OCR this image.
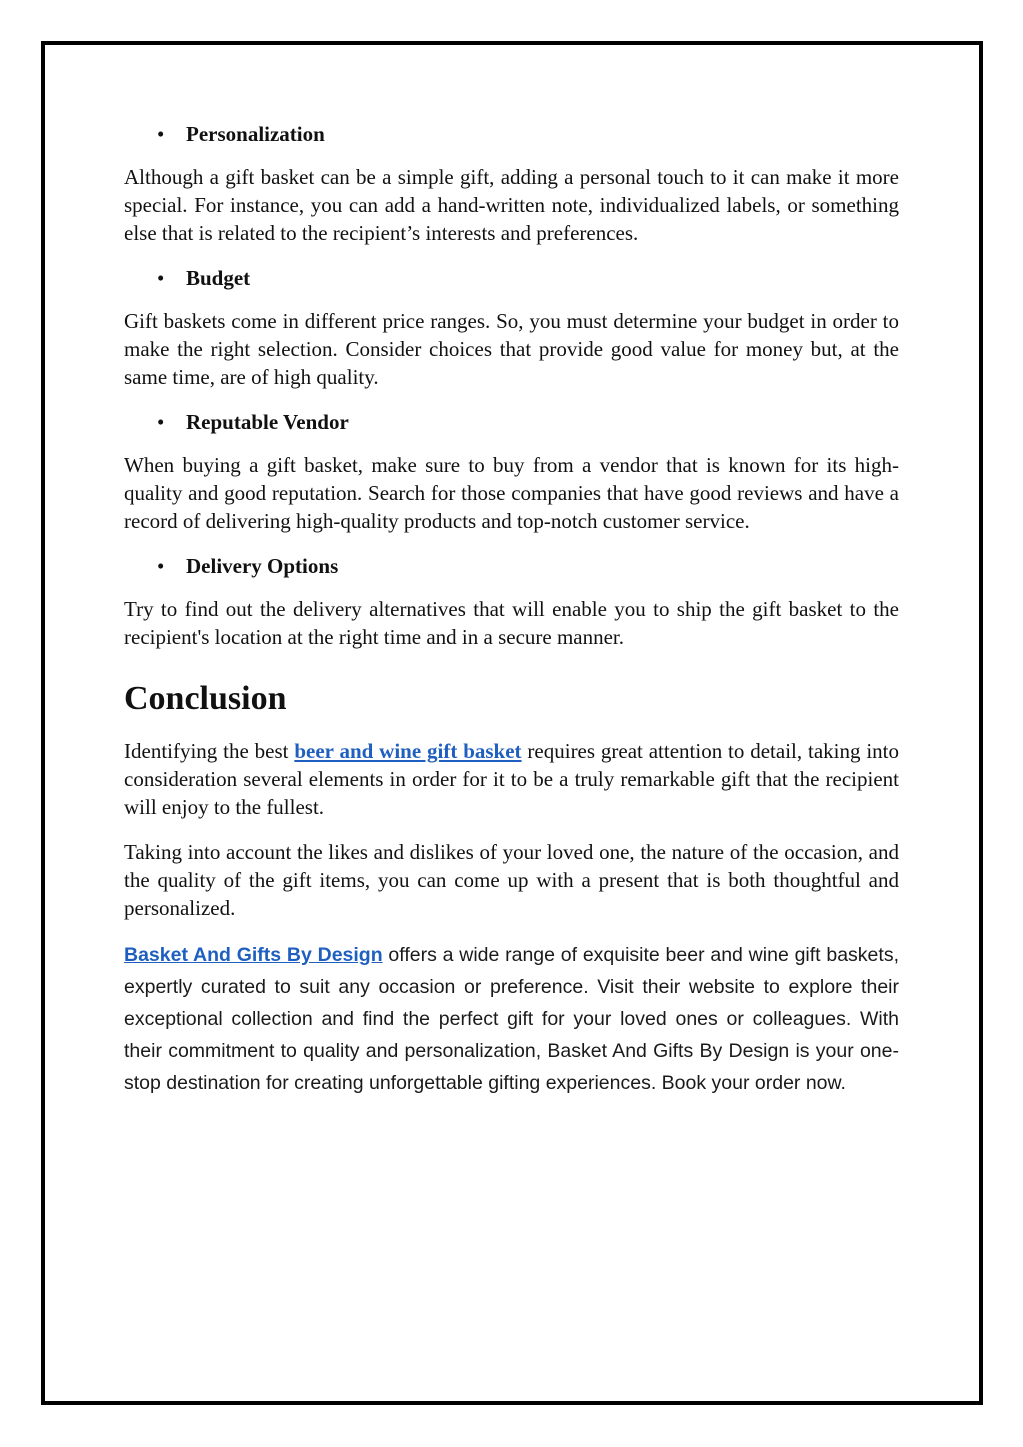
• Personalization

Although a gift basket can be a simple gift, adding a personal touch to it can make it more special. For instance, you can add a hand-written note, individualized labels, or something else that is related to the recipient’s interests and preferences.

• Budget

Gift baskets come in different price ranges. So, you must determine your budget in order to make the right selection. Consider choices that provide good value for money but, at the same time, are of high quality.

• Reputable Vendor

When buying a gift basket, make sure to buy from a vendor that is known for its high-quality and good reputation. Search for those companies that have good reviews and have a record of delivering high-quality products and top-notch customer service.

• Delivery Options

Try to find out the delivery alternatives that will enable you to ship the gift basket to the recipient's location at the right time and in a secure manner.

Conclusion

Identifying the best beer and wine gift basket requires great attention to detail, taking into consideration several elements in order for it to be a truly remarkable gift that the recipient will enjoy to the fullest.

Taking into account the likes and dislikes of your loved one, the nature of the occasion, and the quality of the gift items, you can come up with a present that is both thoughtful and personalized.

Basket And Gifts By Design offers a wide range of exquisite beer and wine gift baskets, expertly curated to suit any occasion or preference. Visit their website to explore their exceptional collection and find the perfect gift for your loved ones or colleagues. With their commitment to quality and personalization, Basket And Gifts By Design is your one-stop destination for creating unforgettable gifting experiences. Book your order now.
